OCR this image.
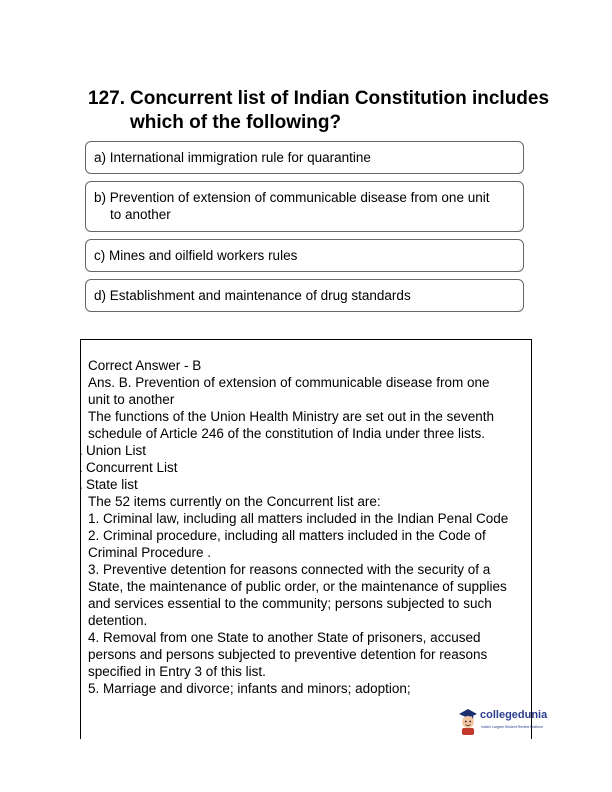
127. Concurrent list of Indian Constitution includes which of the following?
a) International immigration rule for quarantine
b) Prevention of extension of communicable disease from one unit
to another
c) Mines and oilfield workers rules
d) Establishment and maintenance of drug standards
Correct Answer - B
Ans. B. Prevention of extension of communicable disease from one
unit to another
The functions of the Union Health Ministry are set out in the seventh schedule of Article 246 of the constitution of India under three lists.
. Union List
. Concurrent List
. State list
The 52 items currently on the Concurrent list are:
1. Criminal law, including all matters included in the Indian Penal Code
2. Criminal procedure, including all matters included in the Code of Criminal Procedure .
3. Preventive detention for reasons connected with the security of a State, the maintenance of public order, or the maintenance of supplies and services essential to the community; persons subjected to such detention.
4. Removal from one State to another State of prisoners, accused persons and persons subjected to preventive detention for reasons specified in Entry 3 of this list.
5. Marriage and divorce; infants and minors; adoption;
collegedunia
India's Largest Student Review Platform
